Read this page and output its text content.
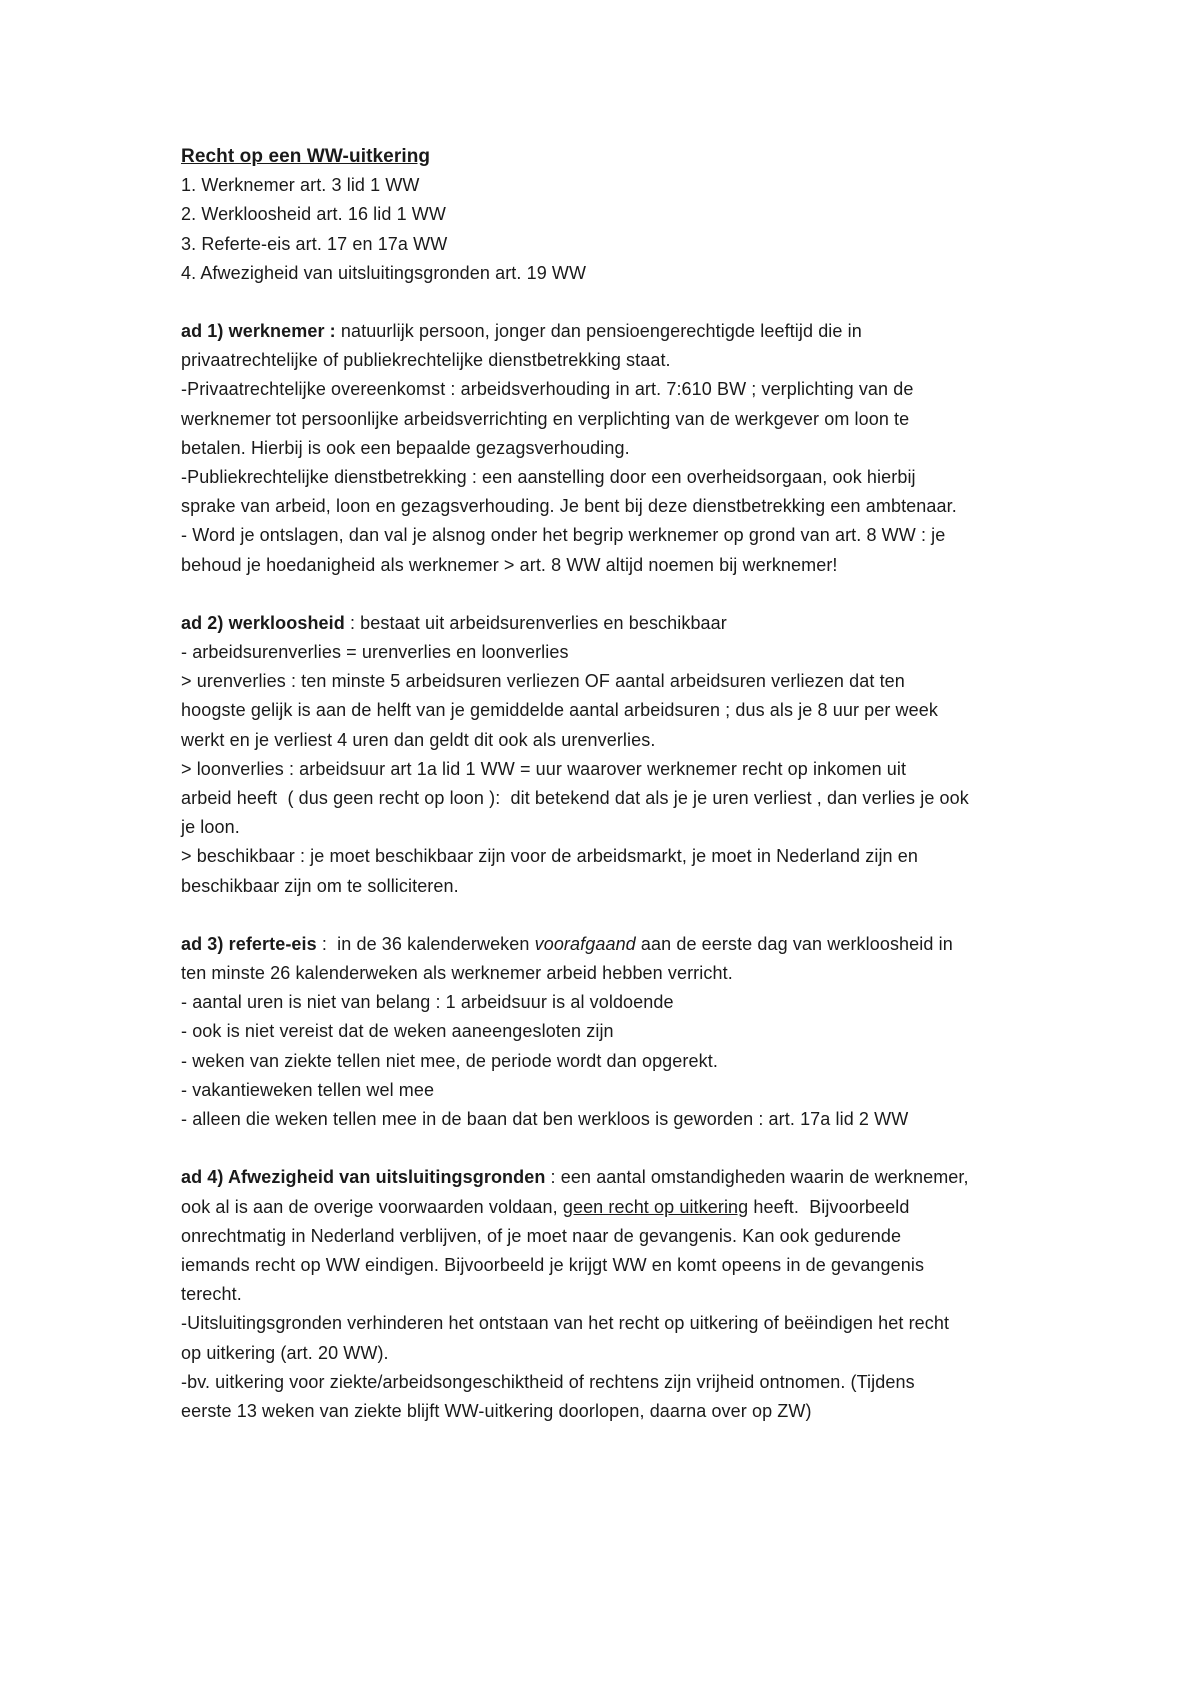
Recht op een WW-uitkering
1. Werknemer art. 3 lid 1 WW
2. Werkloosheid art. 16 lid 1 WW
3. Referte-eis art. 17 en 17a WW
4. Afwezigheid van uitsluitingsgronden art. 19 WW
ad 1) werknemer : natuurlijk persoon, jonger dan pensioengerechtigde leeftijd die in
privaatrechtelijke of publiekrechtelijke dienstbetrekking staat.
-Privaatrechtelijke overeenkomst : arbeidsverhouding in art. 7:610 BW ; verplichting van de
werknemer tot persoonlijke arbeidsverrichting en verplichting van de werkgever om loon te
betalen. Hierbij is ook een bepaalde gezagsverhouding.
-Publiekrechtelijke dienstbetrekking : een aanstelling door een overheidsorgaan, ook hierbij
sprake van arbeid, loon en gezagsverhouding. Je bent bij deze dienstbetrekking een ambtenaar.
- Word je ontslagen, dan val je alsnog onder het begrip werknemer op grond van art. 8 WW : je
behoud je hoedanigheid als werknemer > art. 8 WW altijd noemen bij werknemer!
ad 2) werkloosheid : bestaat uit arbeidsurenverlies en beschikbaar
- arbeidsurenverlies = urenverlies en loonverlies
> urenverlies : ten minste 5 arbeidsuren verliezen OF aantal arbeidsuren verliezen dat ten
hoogste gelijk is aan de helft van je gemiddelde aantal arbeidsuren ; dus als je 8 uur per week
werkt en je verliest 4 uren dan geldt dit ook als urenverlies.
> loonverlies : arbeidsuur art 1a lid 1 WW = uur waarover werknemer recht op inkomen uit
arbeid heeft  ( dus geen recht op loon ):  dit betekend dat als je je uren verliest , dan verlies je ook
je loon.
> beschikbaar : je moet beschikbaar zijn voor de arbeidsmarkt, je moet in Nederland zijn en
beschikbaar zijn om te solliciteren.
ad 3) referte-eis :  in de 36 kalenderweken voorafgaand aan de eerste dag van werkloosheid in
ten minste 26 kalenderweken als werknemer arbeid hebben verricht.
- aantal uren is niet van belang : 1 arbeidsuur is al voldoende
- ook is niet vereist dat de weken aaneengesloten zijn
- weken van ziekte tellen niet mee, de periode wordt dan opgerekt.
- vakantieweken tellen wel mee
- alleen die weken tellen mee in de baan dat ben werkloos is geworden : art. 17a lid 2 WW
ad 4) Afwezigheid van uitsluitingsgronden : een aantal omstandigheden waarin de werknemer,
ook al is aan de overige voorwaarden voldaan, geen recht op uitkering heeft.  Bijvoorbeeld
onrechtmatig in Nederland verblijven, of je moet naar de gevangenis. Kan ook gedurende
iemands recht op WW eindigen. Bijvoorbeeld je krijgt WW en komt opeens in de gevangenis
terecht.
-Uitsluitingsgronden verhinderen het ontstaan van het recht op uitkering of beëindigen het recht
op uitkering (art. 20 WW).
-bv. uitkering voor ziekte/arbeidsongeschiktheid of rechtens zijn vrijheid ontnomen. (Tijdens
eerste 13 weken van ziekte blijft WW-uitkering doorlopen, daarna over op ZW)
